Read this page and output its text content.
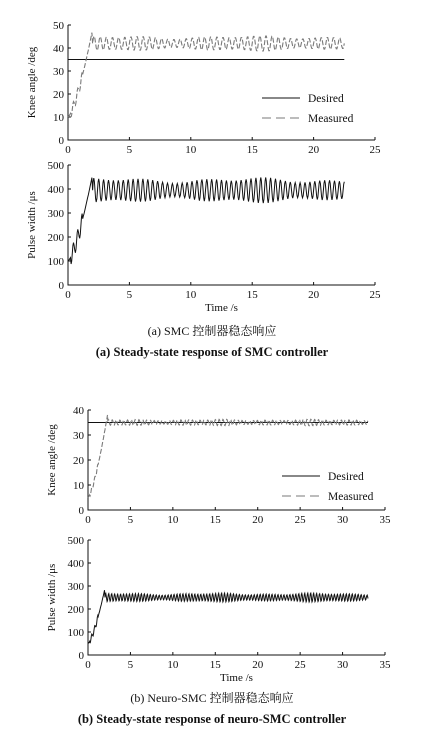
0	5	10	15	20	25
0
10
20
30
40
50
Knee angle /deg	Desired
Measured
0	5	10	15	20	25
0
100
200
300
400
500
Pulse width /μs
Time /s
0	5	10	15	20	25	30	35
0
10
20
30
40
Knee angle /deg	Desired
Measured
0	5	10	15	20	25	30	35
0
100
200
300
400
500
Pulse width /μs
Time /s
(a) SMC 控制器稳态响应
(a) Steady-state response of SMC controller
(b) Neuro-SMC 控制器稳态响应
(b) Steady-state response of neuro-SMC controller
